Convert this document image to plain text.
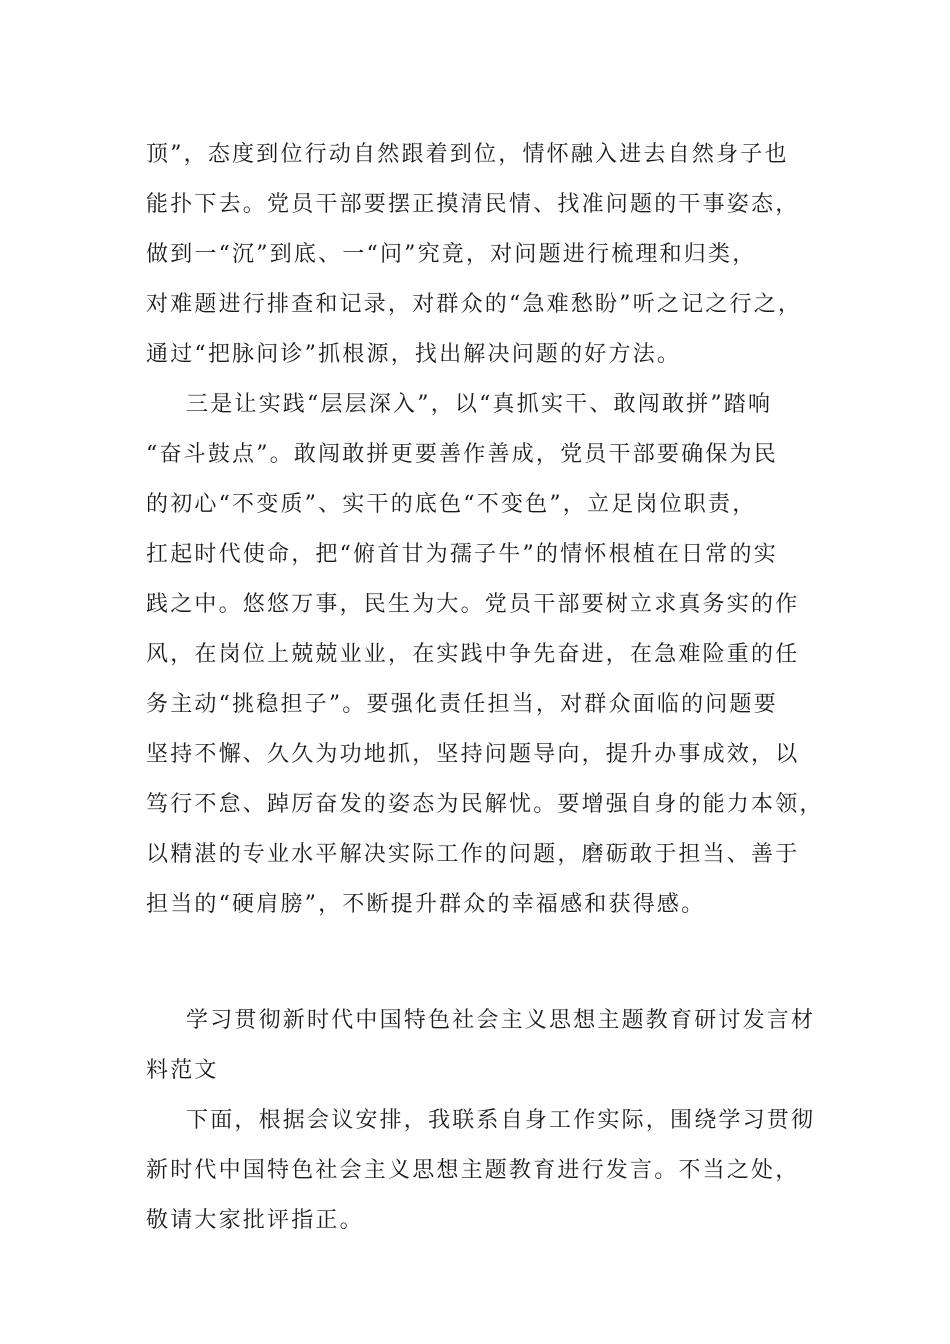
顶”，态度到位行动自然跟着到位，情怀融入进去自然身子也
能扑下去。党员干部要摆正摸清民情、找准问题的干事姿态，
做到一“沉”到底、一“问”究竟，对问题进行梳理和归类，
对难题进行排查和记录，对群众的“急难愁盼”听之记之行之，
通过“把脉问诊”抓根源，找出解决问题的好方法。
三是让实践“层层深入”，以“真抓实干、敢闯敢拼”踏响
“奋斗鼓点”。敢闯敢拼更要善作善成，党员干部要确保为民
的初心“不变质”、实干的底色“不变色”，立足岗位职责，
扛起时代使命，把“俯首甘为孺子牛”的情怀根植在日常的实
践之中。悠悠万事，民生为大。党员干部要树立求真务实的作
风，在岗位上兢兢业业，在实践中争先奋进，在急难险重的任
务主动“挑稳担子”。要强化责任担当，对群众面临的问题要
坚持不懈、久久为功地抓，坚持问题导向，提升办事成效，以
笃行不怠、踔厉奋发的姿态为民解忧。要增强自身的能力本领，
以精湛的专业水平解决实际工作的问题，磨砺敢于担当、善于
担当的“硬肩膀”，不断提升群众的幸福感和获得感。
学习贯彻新时代中国特色社会主义思想主题教育研讨发言材
料范文
下面，根据会议安排，我联系自身工作实际，围绕学习贯彻
新时代中国特色社会主义思想主题教育进行发言。不当之处，
敬请大家批评指正。
